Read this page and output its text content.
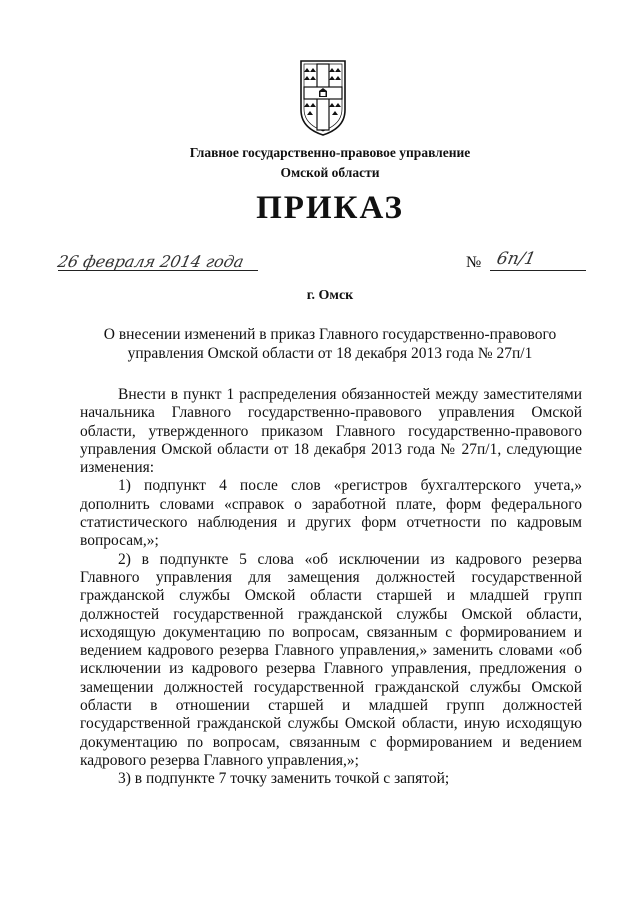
Главное государственно-правовое управление
Омской области
ПРИКАЗ
26 февраля 2014 года	№ 6п/1
г. Омск
О внесении изменений в приказ Главного государственно-правового управления Омской области от 18 декабря 2013 года № 27п/1

Внести в пункт 1 распределения обязанностей между заместителями начальника Главного государственно-правового управления Омской области, утвержденного приказом Главного государственно-правового управления Омской области от 18 декабря 2013 года № 27п/1, следующие изменения:

1) подпункт 4 после слов «регистров бухгалтерского учета,» дополнить словами «справок о заработной плате, форм федерального статистического наблюдения и других форм отчетности по кадровым вопросам,»;

2) в подпункте 5 слова «об исключении из кадрового резерва Главного управления для замещения должностей государственной гражданской службы Омской области старшей и младшей групп должностей государственной гражданской службы Омской области, исходящую документацию по вопросам, связанным с формированием и ведением кадрового резерва Главного управления,» заменить словами «об исключении из кадрового резерва Главного управления, предложения о замещении должностей государственной гражданской службы Омской области в отношении старшей и младшей групп должностей государственной гражданской службы Омской области, иную исходящую документацию по вопросам, связанным с формированием и ведением кадрового резерва Главного управления,»;

3) в подпункте 7 точку заменить точкой с запятой;
